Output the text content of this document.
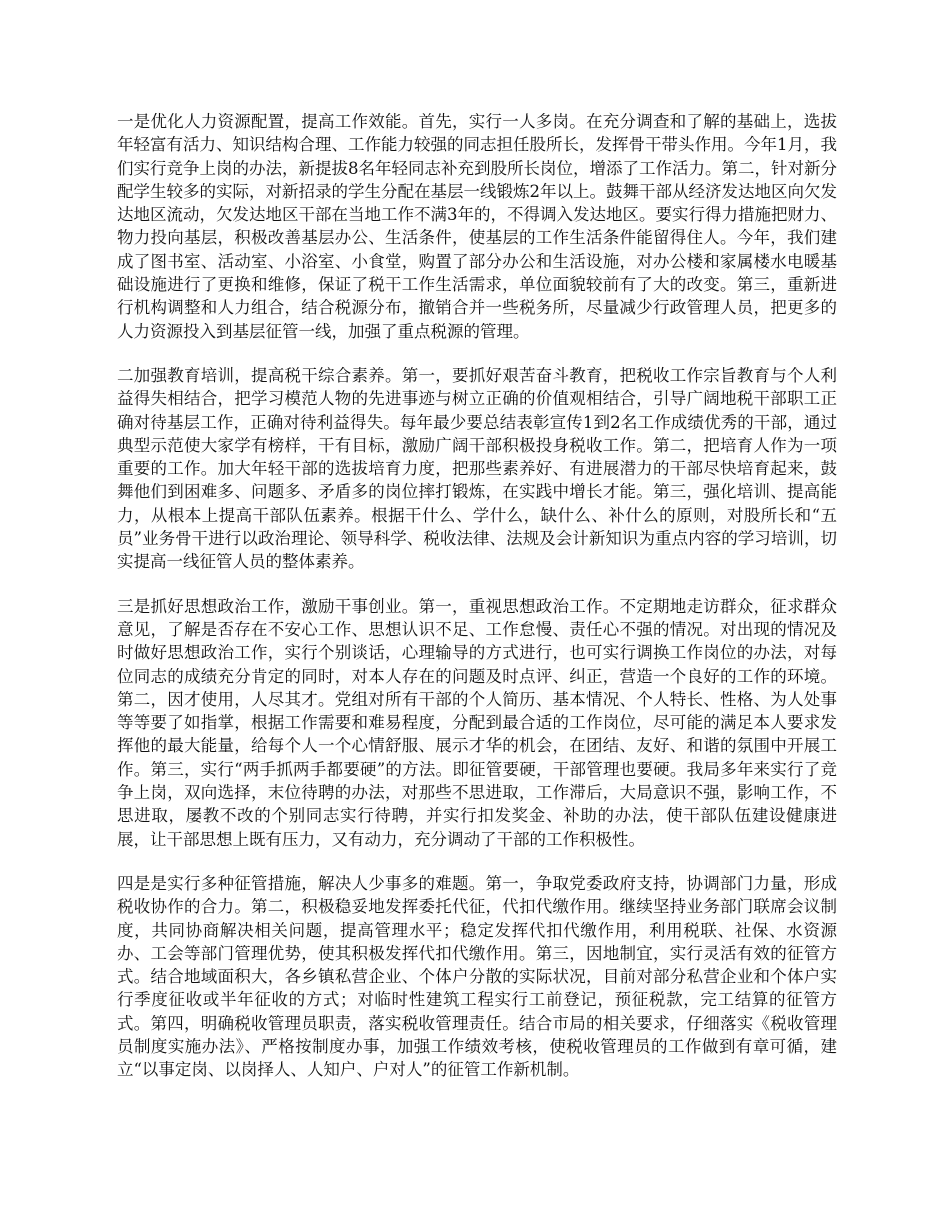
一是优化人力资源配置，提高工作效能。首先，实行一人多岗。在充分调查和了解的基础上，选拔年轻富有活力、知识结构合理、工作能力较强的同志担任股所长，发挥骨干带头作用。今年1月，我们实行竞争上岗的办法，新提拔8名年轻同志补充到股所长岗位，增添了工作活力。第二，针对新分配学生较多的实际，对新招录的学生分配在基层一线锻炼2年以上。鼓舞干部从经济发达地区向欠发达地区流动，欠发达地区干部在当地工作不满3年的，不得调入发达地区。要实行得力措施把财力、物力投向基层，积极改善基层办公、生活条件，使基层的工作生活条件能留得住人。今年，我们建成了图书室、活动室、小浴室、小食堂，购置了部分办公和生活设施，对办公楼和家属楼水电暖基础设施进行了更换和维修，保证了税干工作生活需求，单位面貌较前有了大的改变。第三，重新进行机构调整和人力组合，结合税源分布，撤销合并一些税务所，尽量减少行政管理人员，把更多的人力资源投入到基层征管一线，加强了重点税源的管理。

二加强教育培训，提高税干综合素养。第一，要抓好艰苦奋斗教育，把税收工作宗旨教育与个人利益得失相结合，把学习模范人物的先进事迹与树立正确的价值观相结合，引导广阔地税干部职工正确对待基层工作，正确对待利益得失。每年最少要总结表彰宣传1到2名工作成绩优秀的干部，通过典型示范使大家学有榜样，干有目标，激励广阔干部积极投身税收工作。第二，把培育人作为一项重要的工作。加大年轻干部的选拔培育力度，把那些素养好、有进展潜力的干部尽快培育起来，鼓舞他们到困难多、问题多、矛盾多的岗位摔打锻炼，在实践中增长才能。第三，强化培训、提高能力，从根本上提高干部队伍素养。根据干什么、学什么，缺什么、补什么的原则，对股所长和“五员”业务骨干进行以政治理论、领导科学、税收法律、法规及会计新知识为重点内容的学习培训，切实提高一线征管人员的整体素养。

三是抓好思想政治工作，激励干事创业。第一，重视思想政治工作。不定期地走访群众，征求群众意见，了解是否存在不安心工作、思想认识不足、工作怠慢、责任心不强的情况。对出现的情况及时做好思想政治工作，实行个别谈话，心理输导的方式进行，也可实行调换工作岗位的办法，对每位同志的成绩充分肯定的同时，对本人存在的问题及时点评、纠正，营造一个良好的工作的环境。第二，因才使用，人尽其才。党组对所有干部的个人简历、基本情况、个人特长、性格、为人处事等等要了如指掌，根据工作需要和难易程度，分配到最合适的工作岗位，尽可能的满足本人要求发挥他的最大能量，给每个人一个心情舒服、展示才华的机会，在团结、友好、和谐的氛围中开展工作。第三，实行“两手抓两手都要硬”的方法。即征管要硬，干部管理也要硬。我局多年来实行了竞争上岗，双向选择，末位待聘的办法，对那些不思进取，工作滞后，大局意识不强，影响工作，不思进取，屡教不改的个别同志实行待聘，并实行扣发奖金、补助的办法，使干部队伍建设健康进展，让干部思想上既有压力，又有动力，充分调动了干部的工作积极性。

四是是实行多种征管措施，解决人少事多的难题。第一，争取党委政府支持，协调部门力量，形成税收协作的合力。第二，积极稳妥地发挥委托代征，代扣代缴作用。继续坚持业务部门联席会议制度，共同协商解决相关问题，提高管理水平；稳定发挥代扣代缴作用，利用税联、社保、水资源办、工会等部门管理优势，使其积极发挥代扣代缴作用。第三，因地制宜，实行灵活有效的征管方式。结合地域面积大，各乡镇私营企业、个体户分散的实际状况，目前对部分私营企业和个体户实行季度征收或半年征收的方式；对临时性建筑工程实行工前登记，预征税款，完工结算的征管方式。第四，明确税收管理员职责，落实税收管理责任。结合市局的相关要求，仔细落实《税收管理员制度实施办法》、严格按制度办事，加强工作绩效考核，使税收管理员的工作做到有章可循，建立“以事定岗、以岗择人、人知户、户对人”的征管工作新机制。
